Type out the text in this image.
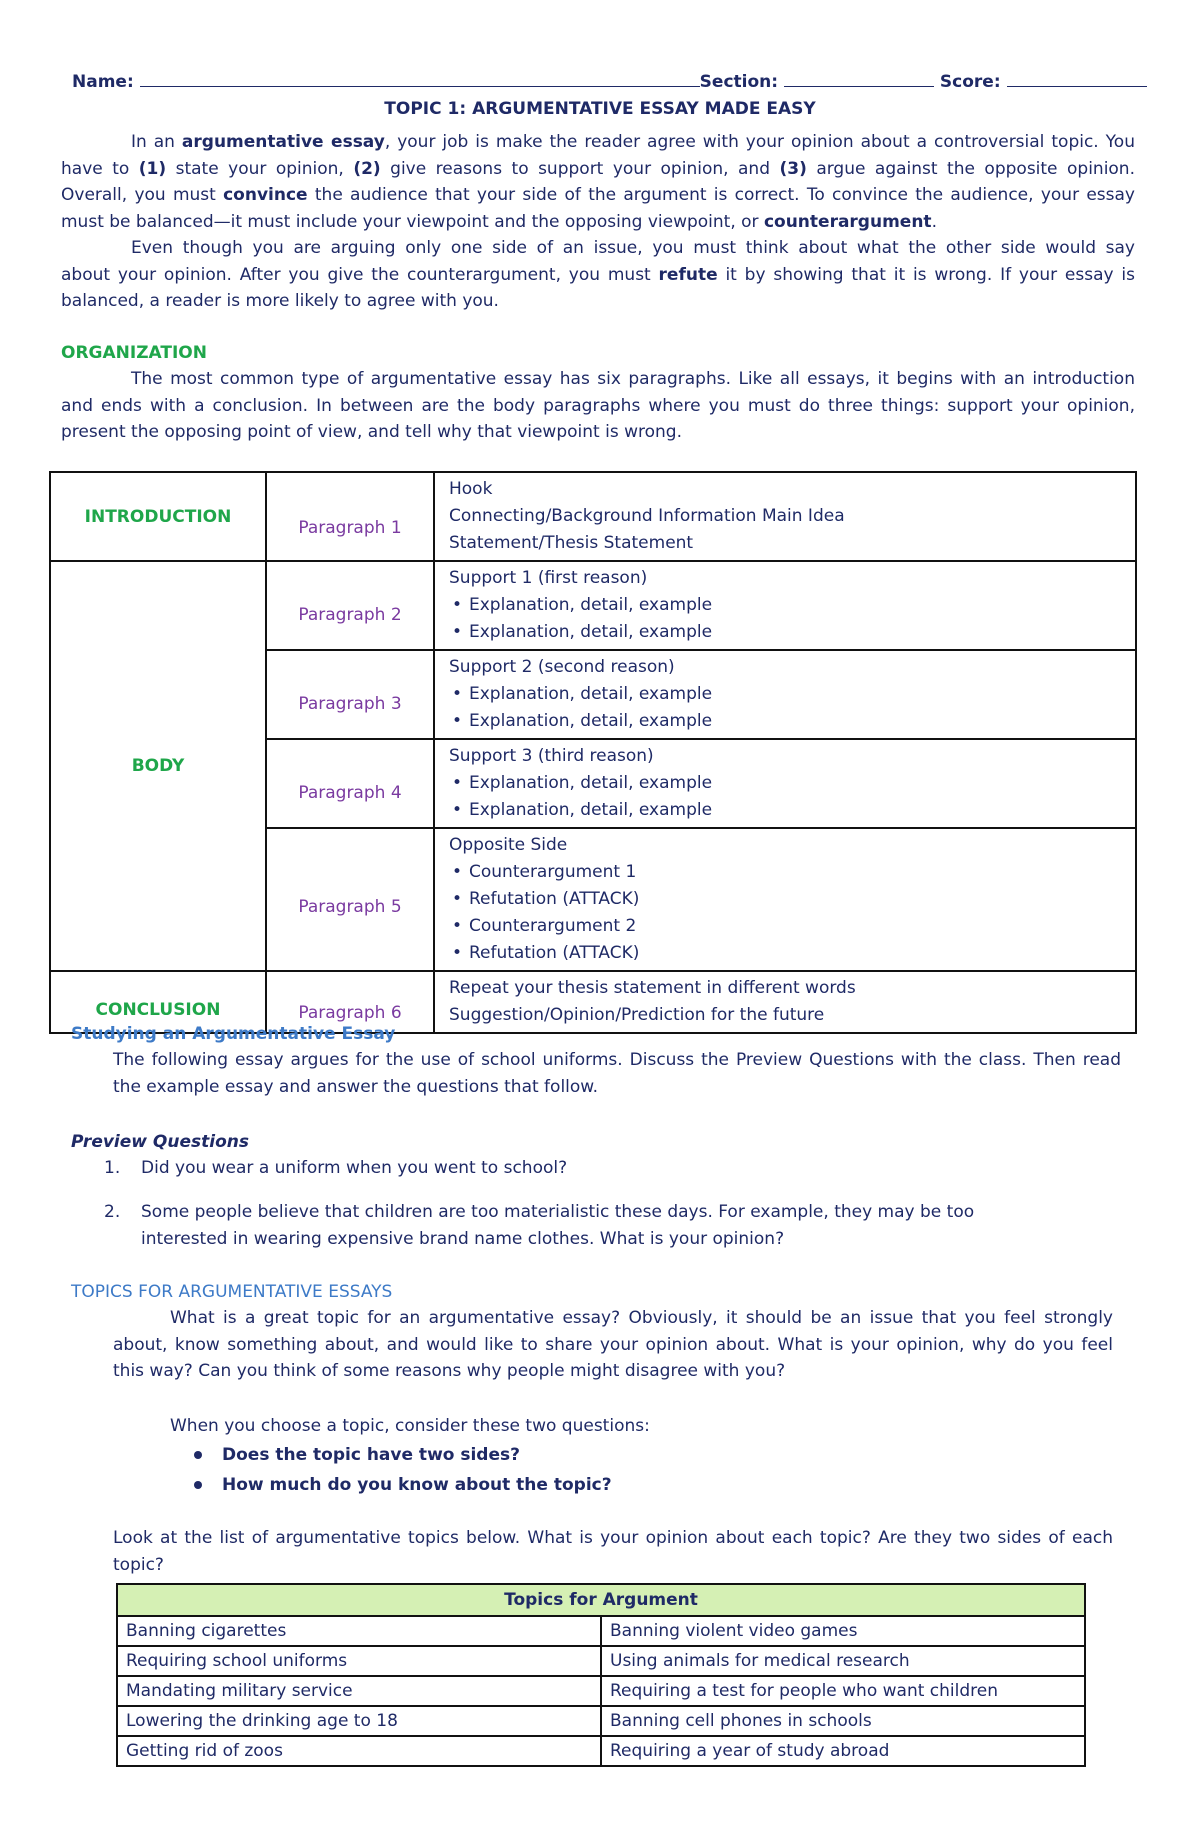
Name:	Section:	Score:
TOPIC 1: ARGUMENTATIVE ESSAY MADE EASY
In an argumentative essay, your job is make the reader agree with your opinion about a controversial topic. You
have to (1) state your opinion, (2) give reasons to support your opinion, and (3) argue against the opposite opinion.
Overall, you must convince the audience that your side of the argument is correct. To convince the audience, your essay
must be balanced—it must include your viewpoint and the opposing viewpoint, or counterargument.
Even though you are arguing only one side of an issue, you must think about what the other side would say
about your opinion. After you give the counterargument, you must refute it by showing that it is wrong. If your essay is
balanced, a reader is more likely to agree with you.
ORGANIZATION
The most common type of argumentative essay has six paragraphs. Like all essays, it begins with an introduction
and ends with a conclusion. In between are the body paragraphs where you must do three things: support your opinion,
present the opposing point of view, and tell why that viewpoint is wrong.
INTRODUCTION	Paragraph 1	Hook
Connecting/Background Information Main Idea
Statement/Thesis Statement

BODY	Paragraph 2	Support 1 (first reason)
• Explanation, detail, example
• Explanation, detail, example

	Paragraph 3	Support 2 (second reason)
• Explanation, detail, example
• Explanation, detail, example

	Paragraph 4	Support 3 (third reason)
• Explanation, detail, example
• Explanation, detail, example

	Paragraph 5	Opposite Side
• Counterargument 1
• Refutation (ATTACK)
• Counterargument 2
• Refutation (ATTACK)

CONCLUSION	Paragraph 6	Repeat your thesis statement in different words
Suggestion/Opinion/Prediction for the future
Studying an Argumentative Essay
The following essay argues for the use of school uniforms. Discuss the Preview Questions with the class. Then read
the example essay and answer the questions that follow.
Preview Questions
1. Did you wear a uniform when you went to school?
2. Some people believe that children are too materialistic these days. For example, they may be too
interested in wearing expensive brand name clothes. What is your opinion?
TOPICS FOR ARGUMENTATIVE ESSAYS
What is a great topic for an argumentative essay? Obviously, it should be an issue that you feel strongly
about, know something about, and would like to share your opinion about. What is your opinion, why do you feel
this way? Can you think of some reasons why people might disagree with you?
When you choose a topic, consider these two questions:
Does the topic have two sides?
How much do you know about the topic?
Look at the list of argumentative topics below. What is your opinion about each topic? Are they two sides of each
topic?
Topics for Argument	
Banning cigarettes	Banning violent video games
Requiring school uniforms	Using animals for medical research
Mandating military service	Requiring a test for people who want children
Lowering the drinking age to 18	Banning cell phones in schools
Getting rid of zoos	Requiring a year of study abroad
